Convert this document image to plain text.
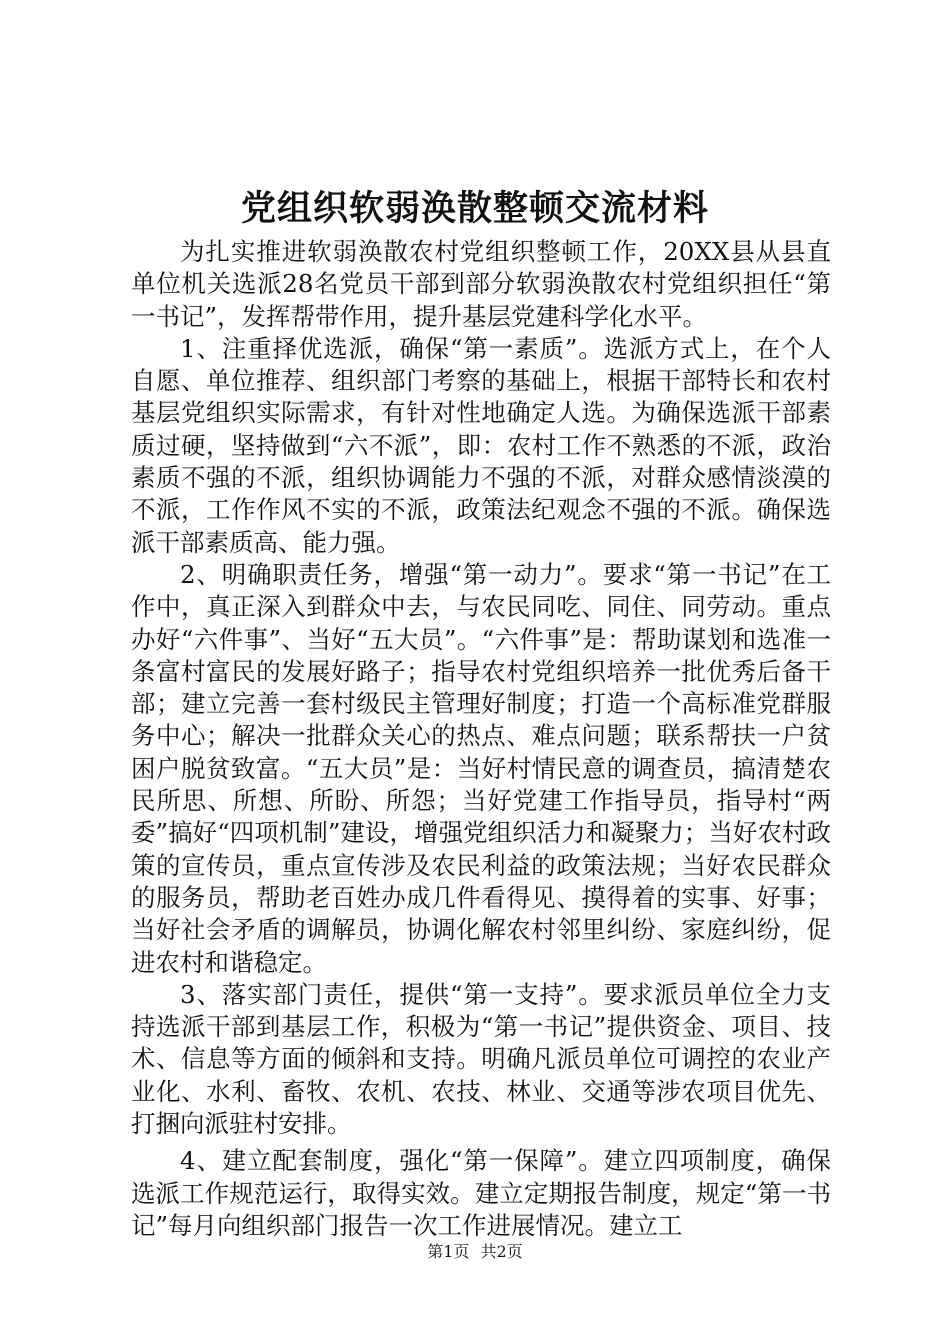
党组织软弱涣散整顿交流材料

为扎实推进软弱涣散农村党组织整顿工作，20XX县从县直单位机关选派28名党员干部到部分软弱涣散农村党组织担任“第一书记”，发挥帮带作用，提升基层党建科学化水平。

1、注重择优选派，确保“第一素质”。选派方式上，在个人自愿、单位推荐、组织部门考察的基础上，根据干部特长和农村基层党组织实际需求，有针对性地确定人选。为确保选派干部素质过硬，坚持做到“六不派”，即：农村工作不熟悉的不派，政治素质不强的不派，组织协调能力不强的不派，对群众感情淡漠的不派，工作作风不实的不派，政策法纪观念不强的不派。确保选派干部素质高、能力强。

2、明确职责任务，增强“第一动力”。要求“第一书记”在工作中，真正深入到群众中去，与农民同吃、同住、同劳动。重点办好“六件事”、当好“五大员”。“六件事”是：帮助谋划和选准一条富村富民的发展好路子；指导农村党组织培养一批优秀后备干部；建立完善一套村级民主管理好制度；打造一个高标准党群服务中心；解决一批群众关心的热点、难点问题；联系帮扶一户贫困户脱贫致富。“五大员”是：当好村情民意的调查员，搞清楚农民所思、所想、所盼、所怨；当好党建工作指导员，指导村“两委”搞好“四项机制”建设，增强党组织活力和凝聚力；当好农村政策的宣传员，重点宣传涉及农民利益的政策法规；当好农民群众的服务员，帮助老百姓办成几件看得见、摸得着的实事、好事；当好社会矛盾的调解员，协调化解农村邻里纠纷、家庭纠纷，促进农村和谐稳定。

3、落实部门责任，提供“第一支持”。要求派员单位全力支持选派干部到基层工作，积极为“第一书记”提供资金、项目、技术、信息等方面的倾斜和支持。明确凡派员单位可调控的农业产业化、水利、畜牧、农机、农技、林业、交通等涉农项目优先、打捆向派驻村安排。

4、建立配套制度，强化“第一保障”。建立四项制度，确保选派工作规范运行，取得实效。建立定期报告制度，规定“第一书记”每月向组织部门报告一次工作进展情况。建立工

第1页 共2页
